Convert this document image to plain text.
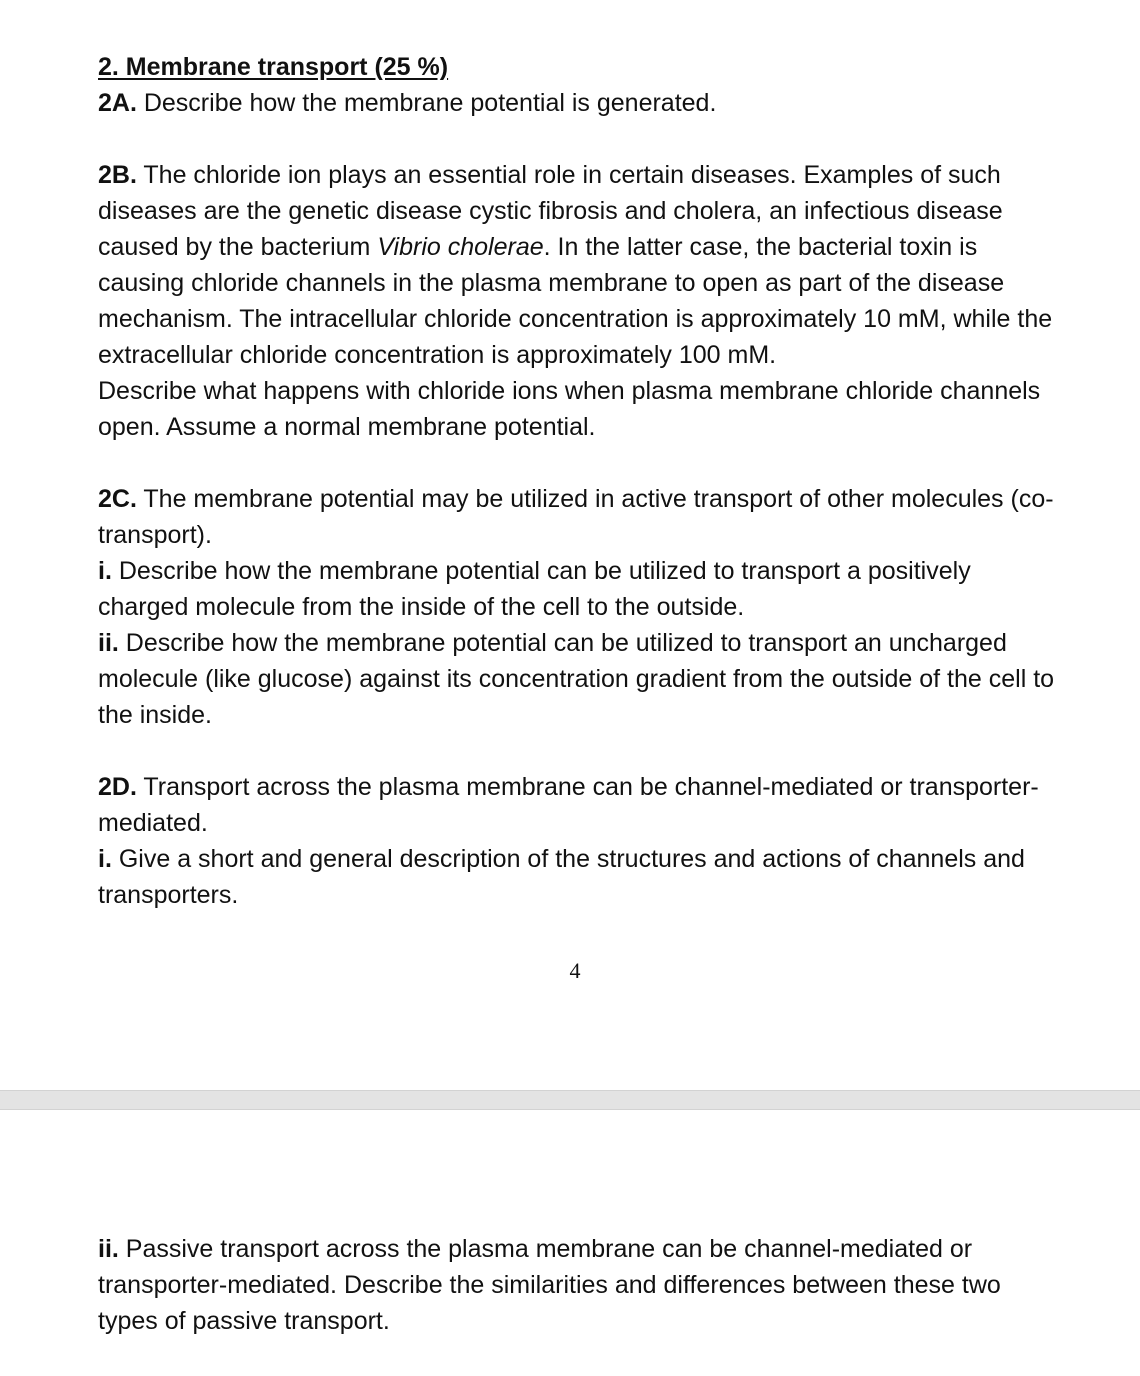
2. Membrane transport (25 %)

2A. Describe how the membrane potential is generated.

2B. The chloride ion plays an essential role in certain diseases. Examples of such diseases are the genetic disease cystic fibrosis and cholera, an infectious disease caused by the bacterium Vibrio cholerae. In the latter case, the bacterial toxin is causing chloride channels in the plasma membrane to open as part of the disease mechanism. The intracellular chloride concentration is approximately 10 mM, while the extracellular chloride concentration is approximately 100 mM.

Describe what happens with chloride ions when plasma membrane chloride channels open. Assume a normal membrane potential.

2C. The membrane potential may be utilized in active transport of other molecules (co-transport).

i. Describe how the membrane potential can be utilized to transport a positively charged molecule from the inside of the cell to the outside.

ii. Describe how the membrane potential can be utilized to transport an uncharged molecule (like glucose) against its concentration gradient from the outside of the cell to the inside.

2D. Transport across the plasma membrane can be channel-mediated or transporter-mediated.

i. Give a short and general description of the structures and actions of channels and transporters.

4

ii. Passive transport across the plasma membrane can be channel-mediated or transporter-mediated. Describe the similarities and differences between these two types of passive transport.
